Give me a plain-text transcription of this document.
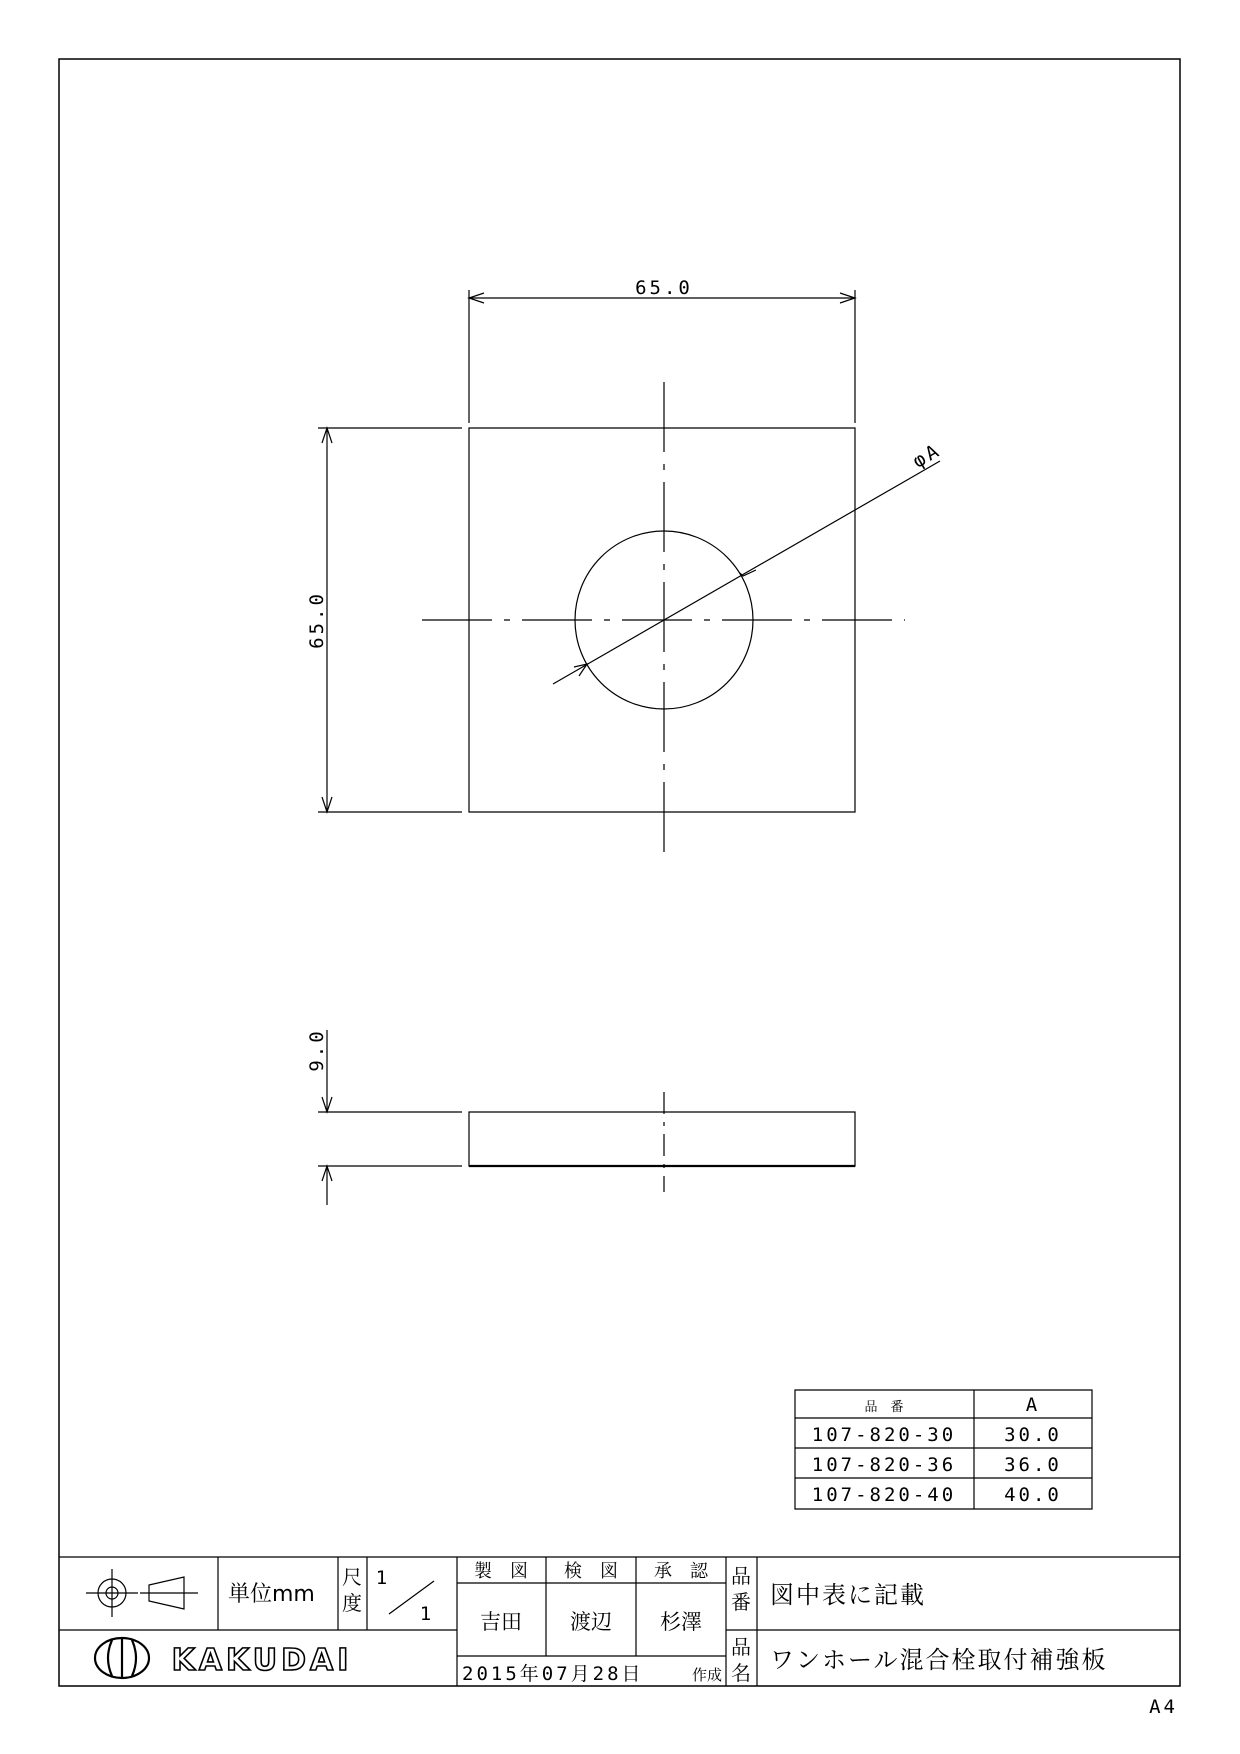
65.0
65.0
φA
9.0
品　番	A
107-820-30	30.0
107-820-36	36.0
107-820-40	40.0
KAKUDAI
単位mm
尺
度
1
1
製　図 検　図 承　認
吉田 渡辺 杉澤
2015年07月28日	作成
品
番
品
名
図中表に記載
ワンホール混合栓取付補強板
A4
